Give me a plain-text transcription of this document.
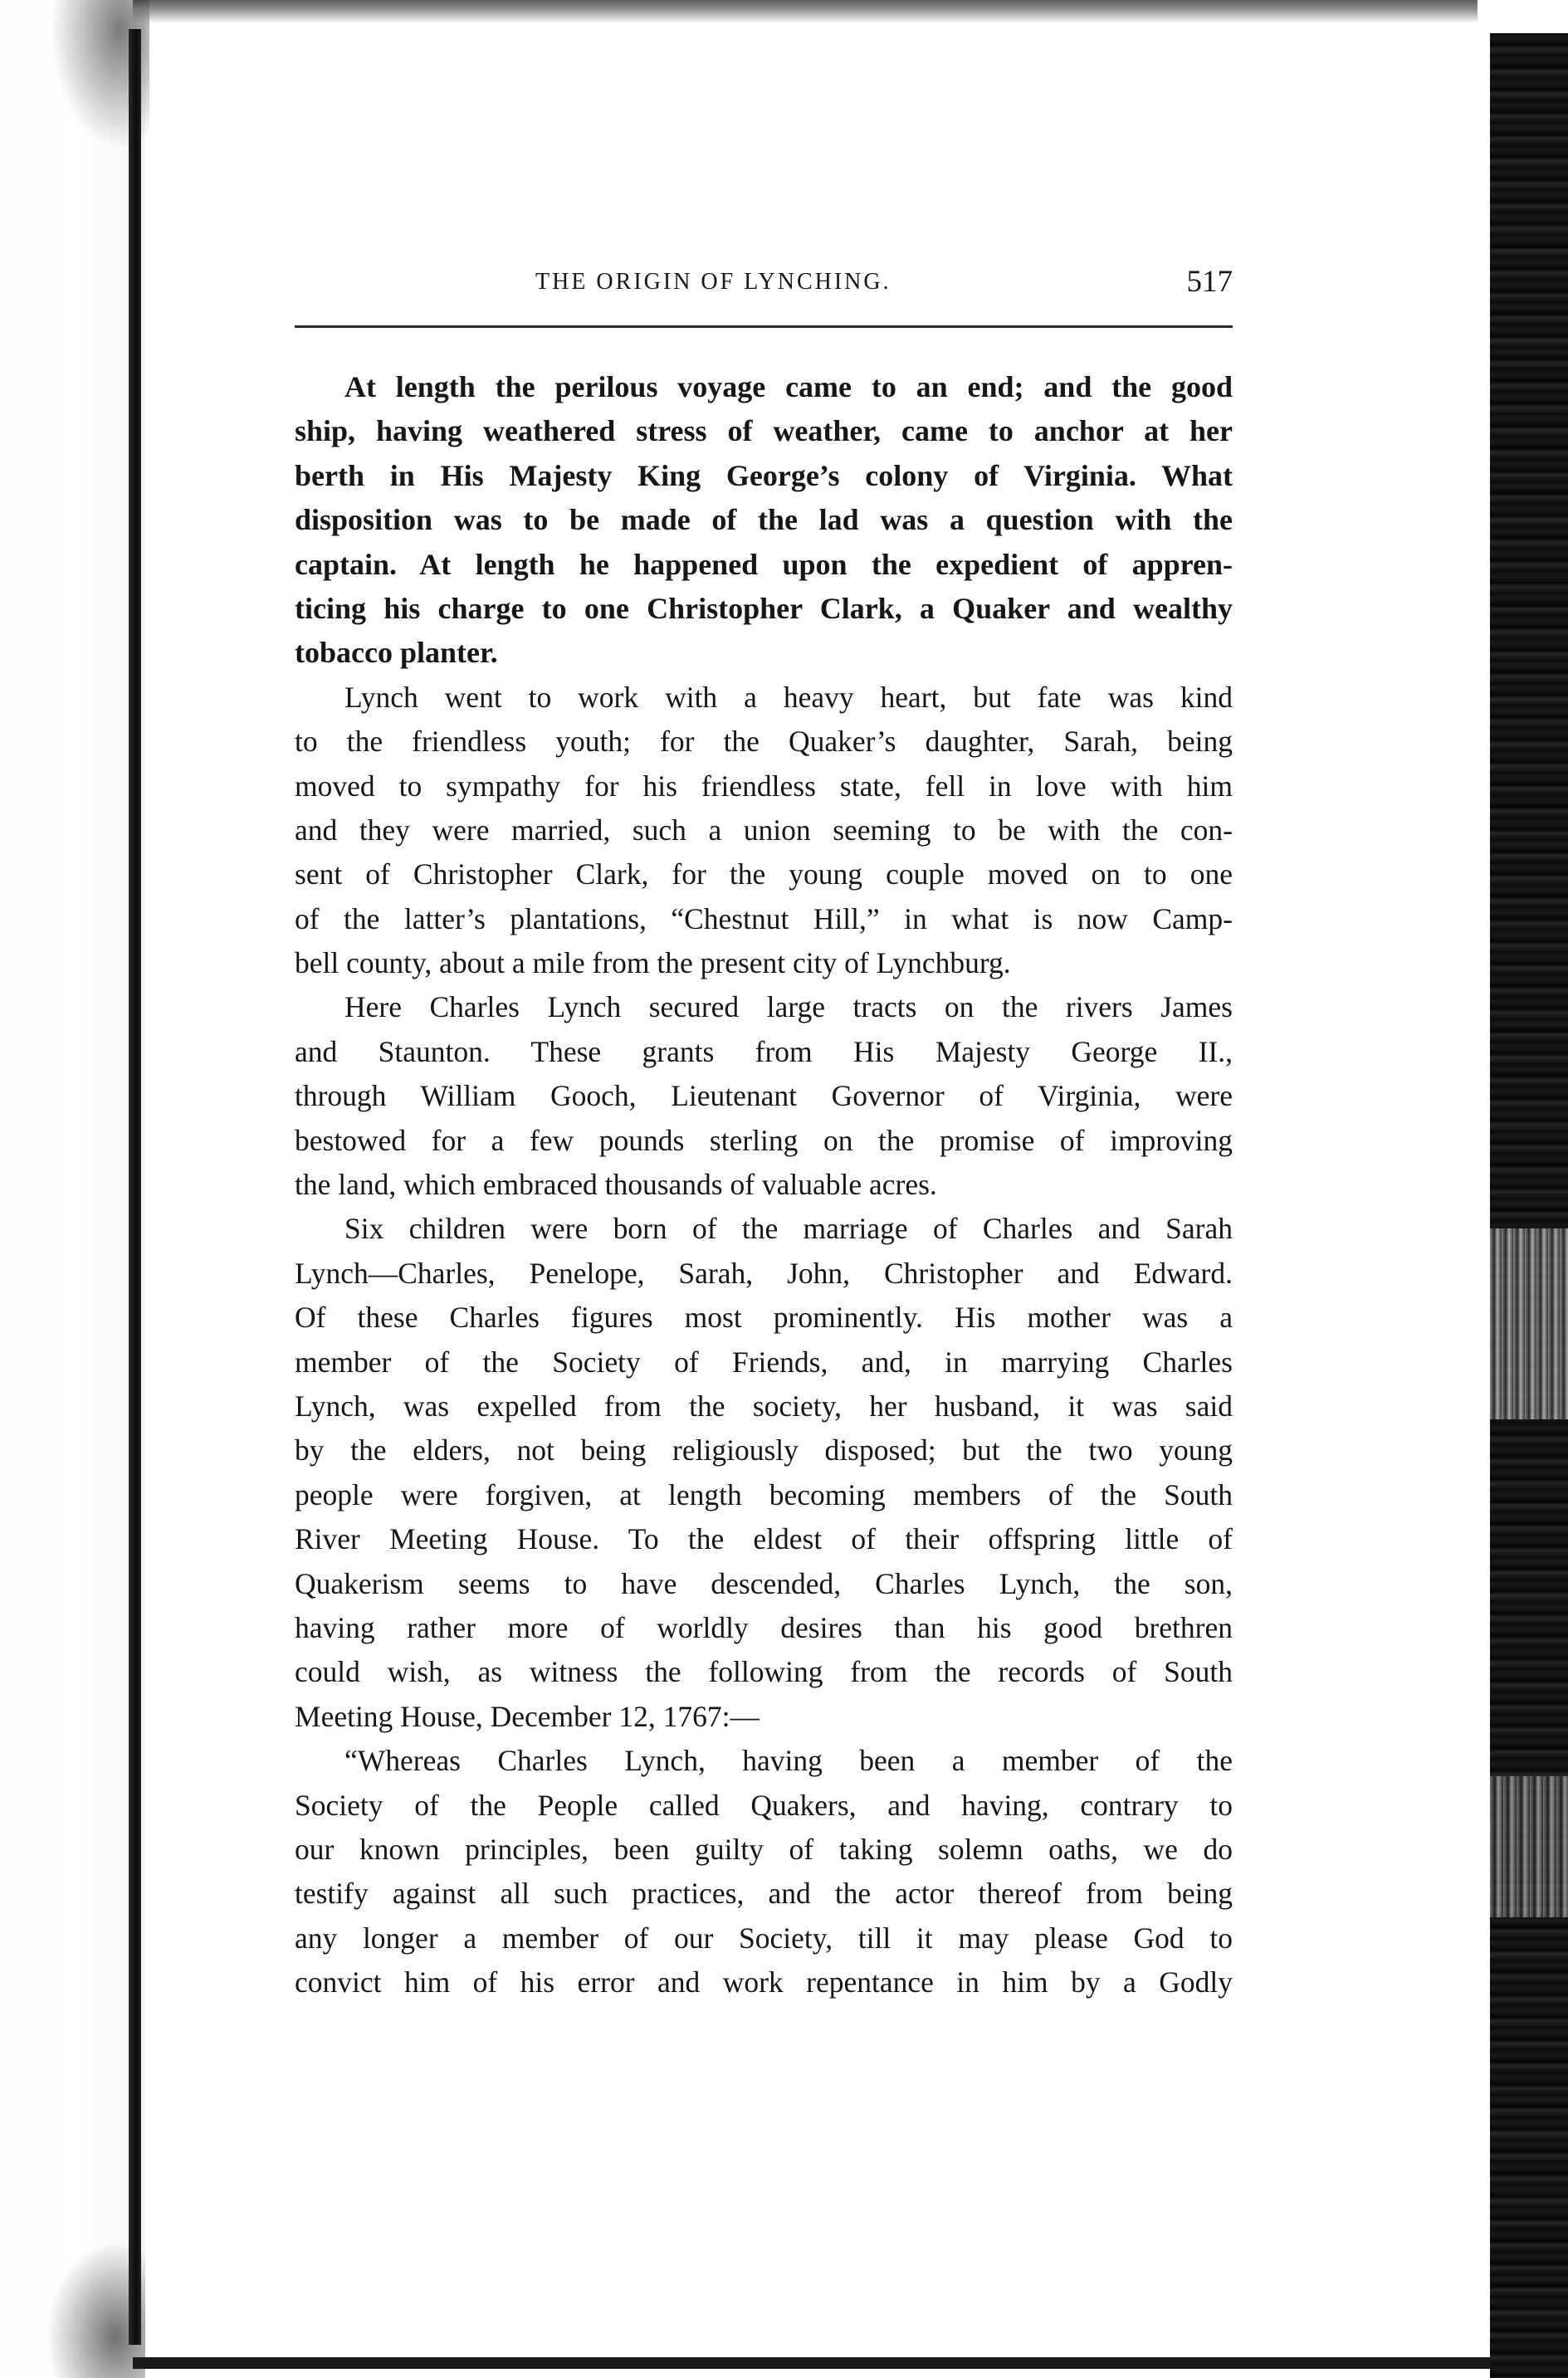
THE ORIGIN OF LYNCHING.	517
At length the perilous voyage came to an end; and the good
ship, having weathered stress of weather, came to anchor at her
berth in His Majesty King George’s colony of Virginia. What
disposition was to be made of the lad was a question with the
captain. At length he happened upon the expedient of appren-
ticing his charge to one Christopher Clark, a Quaker and wealthy
tobacco planter.
Lynch went to work with a heavy heart, but fate was kind
to the friendless youth; for the Quaker’s daughter, Sarah, being
moved to sympathy for his friendless state, fell in love with him
and they were married, such a union seeming to be with the con-
sent of Christopher Clark, for the young couple moved on to one
of the latter’s plantations, “Chestnut Hill,” in what is now Camp-
bell county, about a mile from the present city of Lynchburg.
Here Charles Lynch secured large tracts on the rivers James
and Staunton. These grants from His Majesty George II.,
through William Gooch, Lieutenant Governor of Virginia, were
bestowed for a few pounds sterling on the promise of improving
the land, which embraced thousands of valuable acres.
Six children were born of the marriage of Charles and Sarah
Lynch—Charles, Penelope, Sarah, John, Christopher and Edward.
Of these Charles figures most prominently. His mother was a
member of the Society of Friends, and, in marrying Charles
Lynch, was expelled from the society, her husband, it was said
by the elders, not being religiously disposed; but the two young
people were forgiven, at length becoming members of the South
River Meeting House. To the eldest of their offspring little of
Quakerism seems to have descended, Charles Lynch, the son,
having rather more of worldly desires than his good brethren
could wish, as witness the following from the records of South
Meeting House, December 12, 1767:—
“Whereas Charles Lynch, having been a member of the
Society of the People called Quakers, and having, contrary to
our known principles, been guilty of taking solemn oaths, we do
testify against all such practices, and the actor thereof from being
any longer a member of our Society, till it may please God to
convict him of his error and work repentance in him by a Godly
